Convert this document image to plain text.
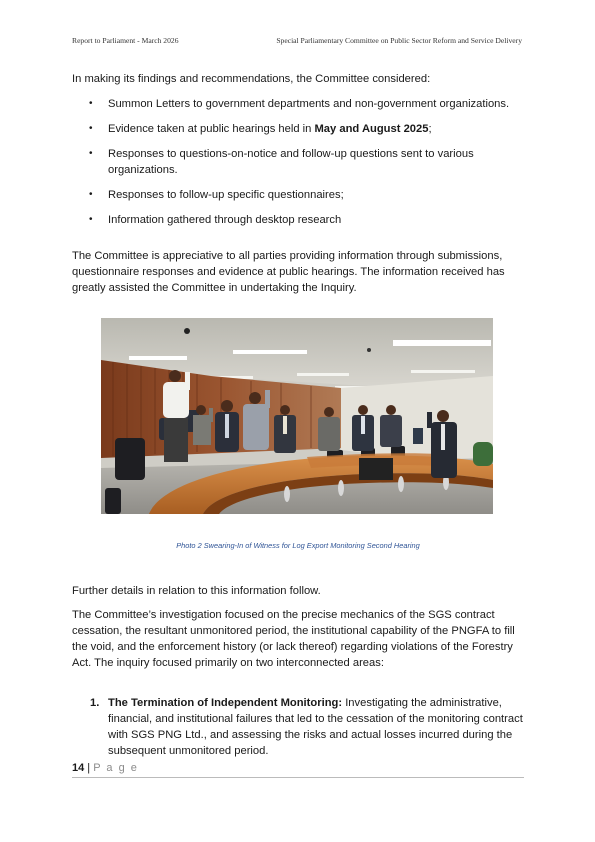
Report to Parliament - March 2026	Special Parliamentary Committee on Public Sector Reform and Service Delivery

In making its findings and recommendations, the Committee considered:

• Summon Letters to government departments and non-government organizations.
• Evidence taken at public hearings held in May and August 2025;
• Responses to questions-on-notice and follow-up questions sent to various organizations.
• Responses to follow-up specific questionnaires;
• Information gathered through desktop research

The Committee is appreciative to all parties providing information through submissions, questionnaire responses and evidence at public hearings. The information received has greatly assisted the Committee in undertaking the Inquiry.

Photo 2 Swearing-In of Witness for Log Export Monitoring Second Hearing

Further details in relation to this information follow.

The Committee’s investigation focused on the precise mechanics of the SGS contract cessation, the resultant unmonitored period, the institutional capability of the PNGFA to fill the void, and the enforcement history (or lack thereof) regarding violations of the Forestry Act. The inquiry focused primarily on two interconnected areas:

1. The Termination of Independent Monitoring: Investigating the administrative, financial, and institutional failures that led to the cessation of the monitoring contract with SGS PNG Ltd., and assessing the risks and actual losses incurred during the subsequent unmonitored period.
14 | P a g e
